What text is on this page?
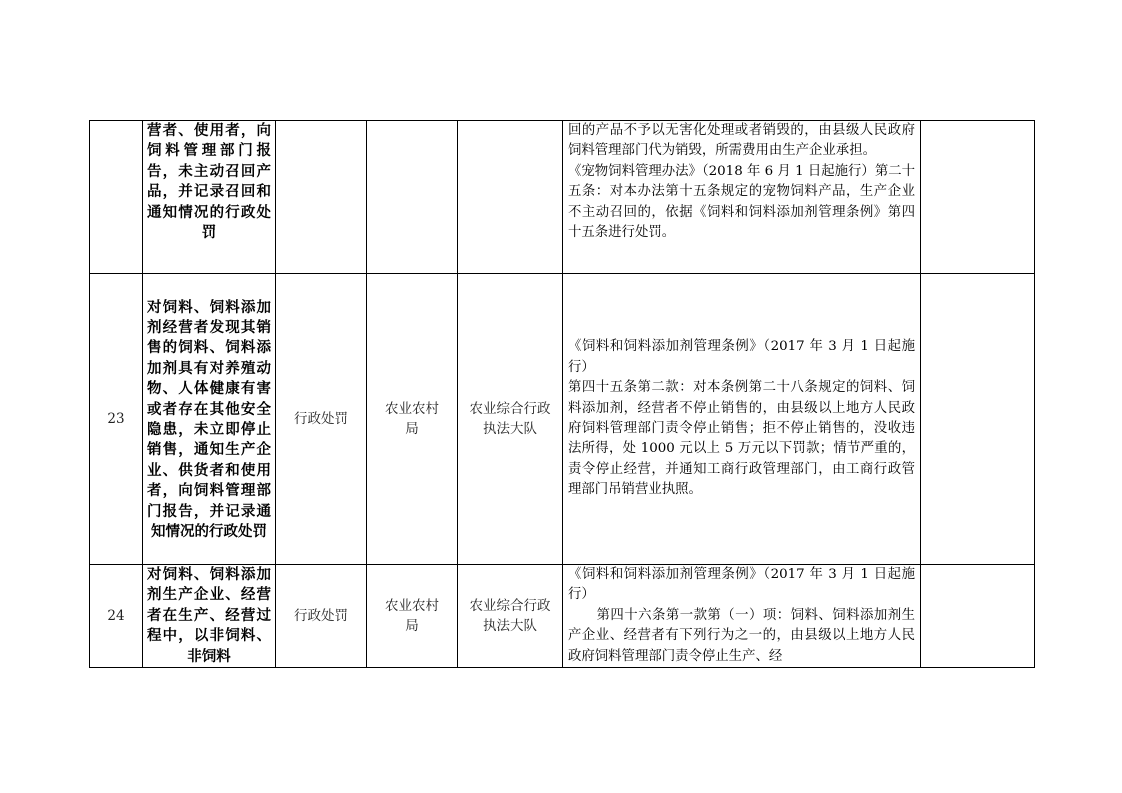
	营者、使用者，向饲料管理部门报告，未主动召回产品，并记录召回和通知情况的行政处罚				回的产品不予以无害化处理或者销毁的，由县级人民政府饲料管理部门代为销毁，所需费用由生产企业承担。
《宠物饲料管理办法》（2018 年 6 月 1 日起施行）第二十五条：对本办法第十五条规定的宠物饲料产品，生产企业不主动召回的，依据《饲料和饲料添加剂管理条例》第四十五条进行处罚。	

23	对饲料、饲料添加剂经营者发现其销售的饲料、饲料添加剂具有对养殖动物、人体健康有害或者存在其他安全隐患，未立即停止销售，通知生产企业、供货者和使用者，向饲料管理部门报告，并记录通知情况的行政处罚	行政处罚	农业农村局	农业综合行政执法大队	《饲料和饲料添加剂管理条例》（2017 年 3 月 1 日起施行）
第四十五条第二款：对本条例第二十八条规定的饲料、饲料添加剂，经营者不停止销售的，由县级以上地方人民政府饲料管理部门责令停止销售；拒不停止销售的，没收违法所得，处 1000 元以上 5 万元以下罚款；情节严重的，责令停止经营，并通知工商行政管理部门，由工商行政管理部门吊销营业执照。	

24	对饲料、饲料添加剂生产企业、经营者在生产、经营过程中，以非饲料、非饲料	行政处罚	农业农村局	农业综合行政执法大队	《饲料和饲料添加剂管理条例》（2017 年 3 月 1 日起施行）
第四十六条第一款第（一）项：饲料、饲料添加剂生产企业、经营者有下列行为之一的，由县级以上地方人民政府饲料管理部门责令停止生产、经	
